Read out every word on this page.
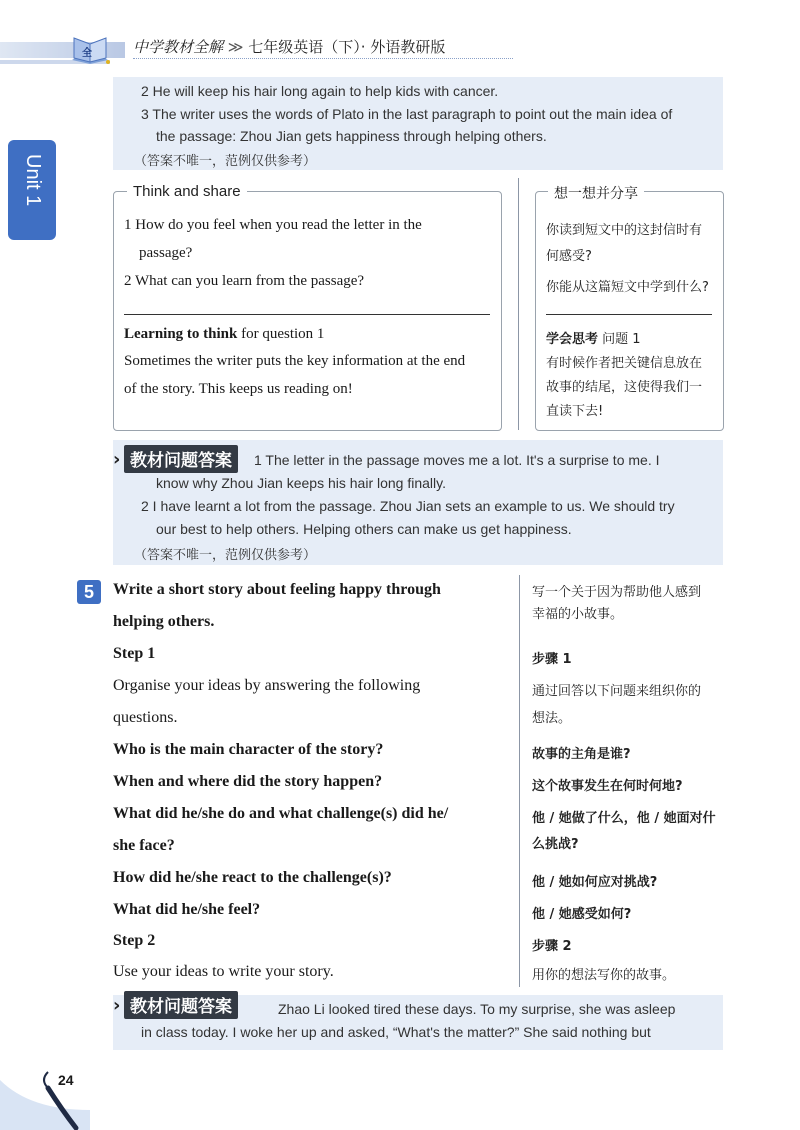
全	中学教材全解 ≫ 七年级英语（下）· 外语教研版
Unit 1
2 He will keep his hair long again to help kids with cancer.
3 The writer uses the words of Plato in the last paragraph to point out the main idea of
the passage: Zhou Jian gets happiness through helping others.
（答案不唯一，范例仅供参考）
Think and share	想一想并分享
1 How do you feel when you read the letter in the
passage?
2 What can you learn from the passage?
Learning to think for question 1
Sometimes the writer puts the key information at the end
of the story. This keeps us reading on!
你读到短文中的这封信时有
何感受?
你能从这篇短文中学到什么?
学会思考 问题 1
有时候作者把关键信息放在
故事的结尾，这使得我们一
直读下去!
› 教材问题答案	1 The letter in the passage moves me a lot. It's a surprise to me. I
know why Zhou Jian keeps his hair long finally.
2 I have learnt a lot from the passage. Zhou Jian sets an example to us. We should try
our best to help others. Helping others can make us get happiness.
（答案不唯一，范例仅供参考）
5	Write a short story about feeling happy through
helping others.
Step 1
Organise your ideas by answering the following
questions.
Who is the main character of the story?
When and where did the story happen?
What did he/she do and what challenge(s) did he/
she face?
How did he/she react to the challenge(s)?
What did he/she feel?
Step 2
Use your ideas to write your story.
写一个关于因为帮助他人感到
幸福的小故事。
步骤 1
通过回答以下问题来组织你的
想法。
故事的主角是谁?
这个故事发生在何时何地?
他 / 她做了什么，他 / 她面对什
么挑战?
他 / 她如何应对挑战?
他 / 她感受如何?
步骤 2
用你的想法写你的故事。
› 教材问题答案	Zhao Li looked tired these days. To my surprise, she was asleep
in class today. I woke her up and asked, “What's the matter?” She said nothing but
24
